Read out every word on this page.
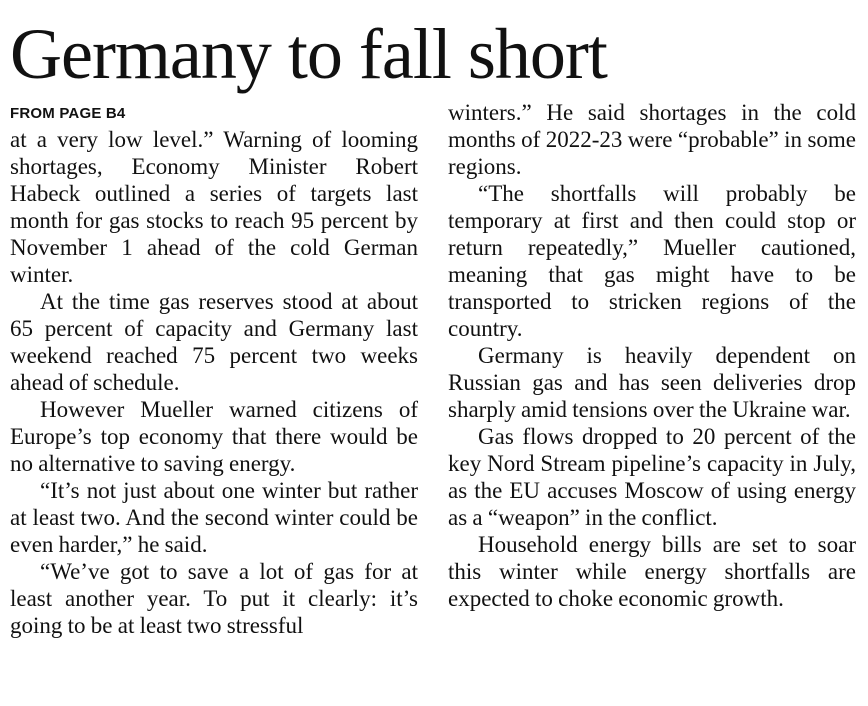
Germany to fall short
FROM PAGE B4

at a very low level.” Warning of looming shortages, Economy Minister Robert Habeck outlined a series of targets last month for gas stocks to reach 95 percent by November 1 ahead of the cold German winter.

At the time gas reserves stood at about 65 percent of capacity and Germany last weekend reached 75 percent two weeks ahead of schedule.

However Mueller warned citizens of Europe’s top economy that there would be no alternative to saving energy.

“It’s not just about one winter but rather at least two. And the second winter could be even harder,” he said.

“We’ve got to save a lot of gas for at least another year. To put it clearly: it’s going to be at least two stressful

winters.” He said shortages in the cold months of 2022-23 were “probable” in some regions.

“The shortfalls will probably be temporary at first and then could stop or return repeatedly,” Mueller cautioned, meaning that gas might have to be transported to stricken regions of the country.

Germany is heavily dependent on Russian gas and has seen deliveries drop sharply amid tensions over the Ukraine war.

Gas flows dropped to 20 percent of the key Nord Stream pipeline’s capacity in July, as the EU accuses Moscow of using energy as a “weapon” in the conflict.

Household energy bills are set to soar this winter while energy shortfalls are expected to choke economic growth.
